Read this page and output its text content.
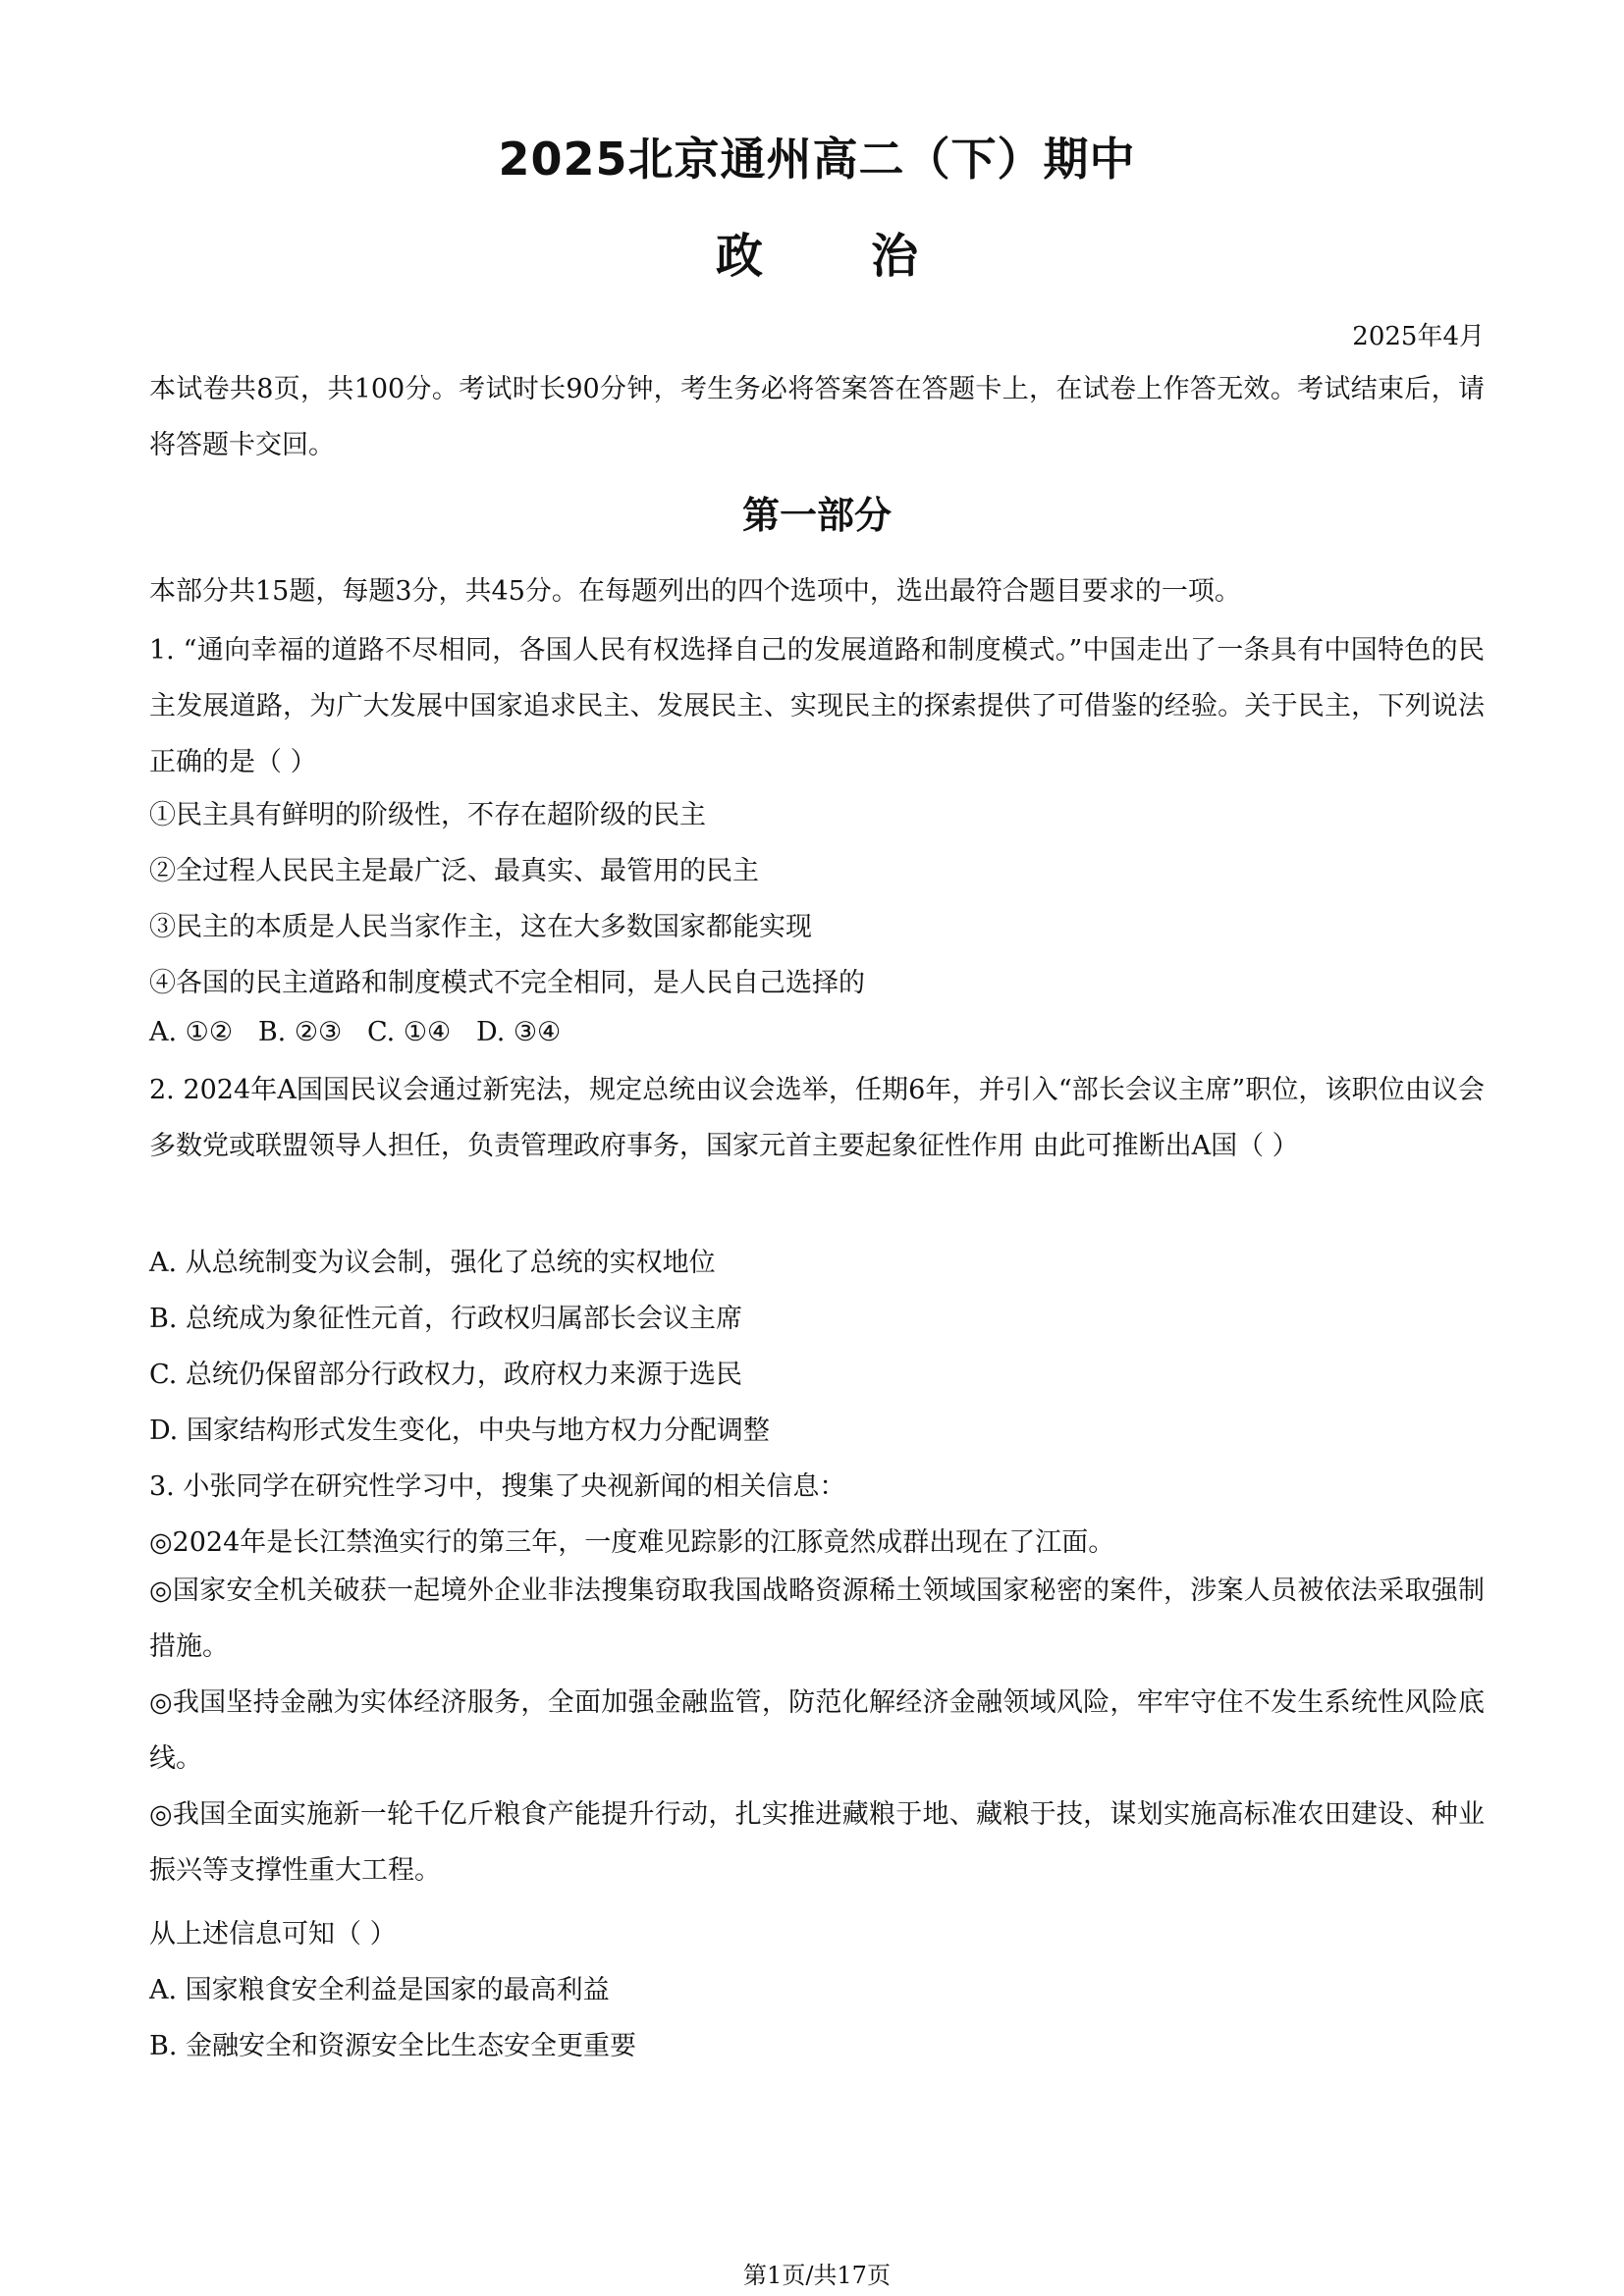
2025北京通州高二（下）期中
政 治
2025年4月
本试卷共8页，共100分。考试时长90分钟，考生务必将答案答在答题卡上，在试卷上作答无效。考试结束后，请将答题卡交回。
第一部分
本部分共15题，每题3分，共45分。在每题列出的四个选项中，选出最符合题目要求的一项。
1. “通向幸福的道路不尽相同，各国人民有权选择自己的发展道路和制度模式。”中国走出了一条具有中国特色的民主发展道路，为广大发展中国家追求民主、发展民主、实现民主的探索提供了可借鉴的经验。关于民主，下列说法正确的是（ ）
①民主具有鲜明的阶级性，不存在超阶级的民主
②全过程人民民主是最广泛、最真实、最管用的民主
③民主的本质是人民当家作主，这在大多数国家都能实现
④各国的民主道路和制度模式不完全相同，是人民自己选择的
A. ①②   B. ②③   C. ①④   D. ③④
2. 2024年A国国民议会通过新宪法，规定总统由议会选举，任期6年，并引入“部长会议主席”职位，该职位由议会多数党或联盟领导人担任，负责管理政府事务，国家元首主要起象征性作用 由此可推断出A国（ ）
A. 从总统制变为议会制，强化了总统的实权地位
B. 总统成为象征性元首，行政权归属部长会议主席
C. 总统仍保留部分行政权力，政府权力来源于选民
D. 国家结构形式发生变化，中央与地方权力分配调整
3. 小张同学在研究性学习中，搜集了央视新闻的相关信息：
◎2024年是长江禁渔实行的第三年，一度难见踪影的江豚竟然成群出现在了江面。
◎国家安全机关破获一起境外企业非法搜集窃取我国战略资源稀土领域国家秘密的案件，涉案人员被依法采取强制措施。
◎我国坚持金融为实体经济服务，全面加强金融监管，防范化解经济金融领域风险，牢牢守住不发生系统性风险底线。
◎我国全面实施新一轮千亿斤粮食产能提升行动，扎实推进藏粮于地、藏粮于技，谋划实施高标准农田建设、种业振兴等支撑性重大工程。
从上述信息可知（ ）
A. 国家粮食安全利益是国家的最高利益
B. 金融安全和资源安全比生态安全更重要
第1页/共17页
